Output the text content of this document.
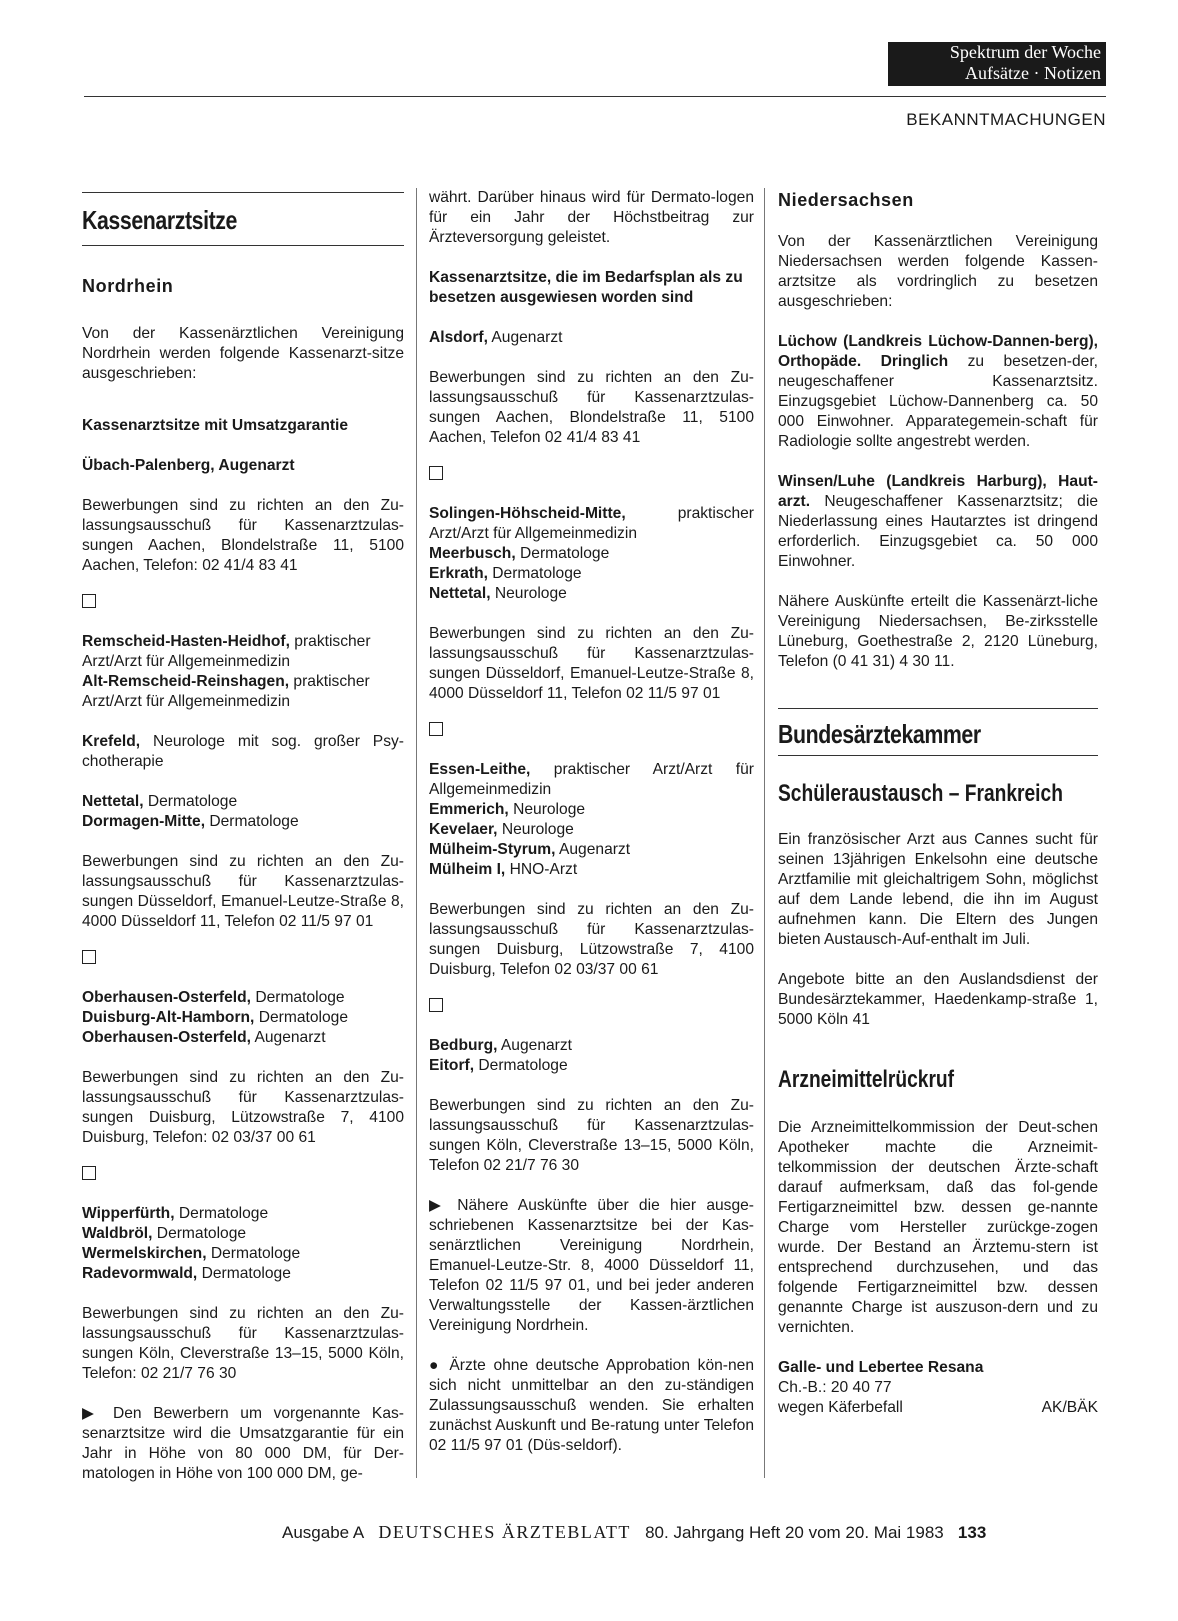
Spektrum der Woche
Aufsätze · Notizen
BEKANNTMACHUNGEN
Kassenarztsitze
Nordrhein

Von der Kassenärztlichen Vereinigung Nordrhein werden folgende Kassenarzt-sitze ausgeschrieben:

Kassenarztsitze mit Umsatzgarantie

Übach-Palenberg, Augenarzt

Bewerbungen sind zu richten an den Zu-lassungsausschuß für Kassenarztzulas-sungen Aachen, Blondelstraße 11, 5100 Aachen, Telefon: 02 41/4 83 41

Remscheid-Hasten-Heidhof, praktischer Arzt/Arzt für Allgemeinmedizin

Alt-Remscheid-Reinshagen, praktischer Arzt/Arzt für Allgemeinmedizin

Krefeld, Neurologe mit sog. großer Psy-chotherapie

Nettetal, Dermatologe

Dormagen-Mitte, Dermatologe

Bewerbungen sind zu richten an den Zu-lassungsausschuß für Kassenarztzulas-sungen Düsseldorf, Emanuel-Leutze-Straße 8, 4000 Düsseldorf 11, Telefon 02 11/5 97 01

Oberhausen-Osterfeld, Dermatologe

Duisburg-Alt-Hamborn, Dermatologe

Oberhausen-Osterfeld, Augenarzt

Bewerbungen sind zu richten an den Zu-lassungsausschuß für Kassenarztzulas-sungen Duisburg, Lützowstraße 7, 4100 Duisburg, Telefon: 02 03/37 00 61

Wipperfürth, Dermatologe

Waldbröl, Dermatologe

Wermelskirchen, Dermatologe

Radevormwald, Dermatologe

Bewerbungen sind zu richten an den Zu-lassungsausschuß für Kassenarztzulas-sungen Köln, Cleverstraße 13–15, 5000 Köln, Telefon: 02 21/7 76 30

▶ Den Bewerbern um vorgenannte Kas-senarztsitze wird die Umsatzgarantie für ein Jahr in Höhe von 80 000 DM, für Der-matologen in Höhe von 100 000 DM, ge-

währt. Darüber hinaus wird für Dermato-logen für ein Jahr der Höchstbeitrag zur Ärzteversorgung geleistet.

Kassenarztsitze, die im Bedarfsplan als zu besetzen ausgewiesen worden sind

Alsdorf, Augenarzt

Bewerbungen sind zu richten an den Zu-lassungsausschuß für Kassenarztzulas-sungen Aachen, Blondelstraße 11, 5100 Aachen, Telefon 02 41/4 83 41

Solingen-Höhscheid-Mitte, praktischer Arzt/Arzt für Allgemeinmedizin

Meerbusch, Dermatologe

Erkrath, Dermatologe

Nettetal, Neurologe

Bewerbungen sind zu richten an den Zu-lassungsausschuß für Kassenarztzulas-sungen Düsseldorf, Emanuel-Leutze-Straße 8, 4000 Düsseldorf 11, Telefon 02 11/5 97 01

Essen-Leithe, praktischer Arzt/Arzt für Allgemeinmedizin

Emmerich, Neurologe

Kevelaer, Neurologe

Mülheim-Styrum, Augenarzt

Mülheim I, HNO-Arzt

Bewerbungen sind zu richten an den Zu-lassungsausschuß für Kassenarztzulas-sungen Duisburg, Lützowstraße 7, 4100 Duisburg, Telefon 02 03/37 00 61

Bedburg, Augenarzt

Eitorf, Dermatologe

Bewerbungen sind zu richten an den Zu-lassungsausschuß für Kassenarztzulas-sungen Köln, Cleverstraße 13–15, 5000 Köln, Telefon 02 21/7 76 30

▶ Nähere Auskünfte über die hier ausge-schriebenen Kassenarztsitze bei der Kas-senärztlichen Vereinigung Nordrhein, Emanuel-Leutze-Str. 8, 4000 Düsseldorf 11, Telefon 02 11/5 97 01, und bei jeder anderen Verwaltungsstelle der Kassen-ärztlichen Vereinigung Nordrhein.

● Ärzte ohne deutsche Approbation kön-nen sich nicht unmittelbar an den zu-ständigen Zulassungsausschuß wenden. Sie erhalten zunächst Auskunft und Be-ratung unter Telefon 02 11/5 97 01 (Düs-seldorf).

Niedersachsen

Von der Kassenärztlichen Vereinigung Niedersachsen werden folgende Kassen-arztsitze als vordringlich zu besetzen ausgeschrieben:

Lüchow (Landkreis Lüchow-Dannen-berg), Orthopäde. Dringlich zu besetzen-der, neugeschaffener Kassenarztsitz. Einzugsgebiet Lüchow-Dannenberg ca. 50 000 Einwohner. Apparategemein-schaft für Radiologie sollte angestrebt werden.

Winsen/Luhe (Landkreis Harburg), Haut-arzt. Neugeschaffener Kassenarztsitz; die Niederlassung eines Hautarztes ist dringend erforderlich. Einzugsgebiet ca. 50 000 Einwohner.

Nähere Auskünfte erteilt die Kassenärzt-liche Vereinigung Niedersachsen, Be-zirksstelle Lüneburg, Goethestraße 2, 2120 Lüneburg, Telefon (0 41 31) 4 30 11.

Bundesärztekammer
Schüleraustausch – Frankreich

Ein französischer Arzt aus Cannes sucht für seinen 13jährigen Enkelsohn eine deutsche Arztfamilie mit gleichaltrigem Sohn, möglichst auf dem Lande lebend, die ihn im August aufnehmen kann. Die Eltern des Jungen bieten Austausch-Auf-enthalt im Juli.

Angebote bitte an den Auslandsdienst der Bundesärztekammer, Haedenkamp-straße 1, 5000 Köln 41

Arzneimittelrückruf

Die Arzneimittelkommission der Deut-schen Apotheker machte die Arzneimit-telkommission der deutschen Ärzte-schaft darauf aufmerksam, daß das fol-gende Fertigarzneimittel bzw. dessen ge-nannte Charge vom Hersteller zurückge-zogen wurde. Der Bestand an Ärztemu-stern ist entsprechend durchzusehen, und das folgende Fertigarzneimittel bzw. dessen genannte Charge ist auszuson-dern und zu vernichten.

Galle- und Lebertee Resana

Ch.-B.: 20 40 77

wegen Käferbefall	AK/BÄK
Ausgabe A DEUTSCHES ÄRZTEBLATT 80. Jahrgang Heft 20 vom 20. Mai 1983 133
